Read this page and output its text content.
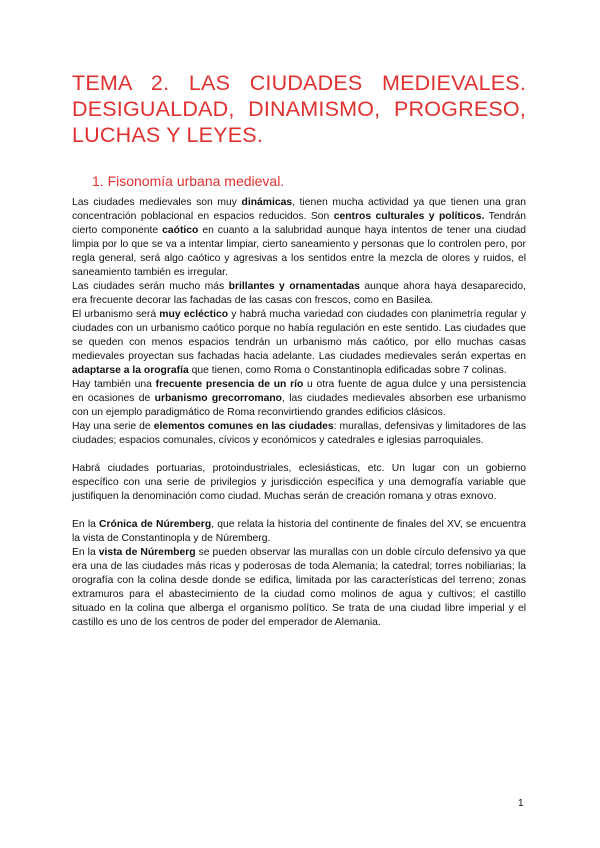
TEMA 2. LAS CIUDADES MEDIEVALES. DESIGUALDAD, DINAMISMO, PROGRESO, LUCHAS Y LEYES.
1. Fisonomía urbana medieval.

Las ciudades medievales son muy dinámicas, tienen mucha actividad ya que tienen una gran concentración poblacional en espacios reducidos. Son centros culturales y políticos. Tendrán cierto componente caótico en cuanto a la salubridad aunque haya intentos de tener una ciudad limpia por lo que se va a intentar limpiar, cierto saneamiento y personas que lo controlen pero, por regla general, será algo caótico y agresivas a los sentidos entre la mezcla de olores y ruidos, el saneamiento también es irregular.

Las ciudades serán mucho más brillantes y ornamentadas aunque ahora haya desaparecido, era frecuente decorar las fachadas de las casas con frescos, como en Basilea.

El urbanismo será muy ecléctico y habrá mucha variedad con ciudades con planimetría regular y ciudades con un urbanismo caótico porque no había regulación en este sentido. Las ciudades que se queden con menos espacios tendrán un urbanismo más caótico, por ello muchas casas medievales proyectan sus fachadas hacia adelante. Las ciudades medievales serán expertas en adaptarse a la orografía que tienen, como Roma o Constantinopla edificadas sobre 7 colinas.

Hay también una frecuente presencia de un río u otra fuente de agua dulce y una persistencia en ocasiones de urbanismo grecorromano, las ciudades medievales absorben ese urbanismo con un ejemplo paradigmático de Roma reconvirtiendo grandes edificios clásicos.

Hay una serie de elementos comunes en las ciudades: murallas, defensivas y limitadores de las ciudades; espacios comunales, cívicos y económicos y catedrales e iglesias parroquiales.

Habrá ciudades portuarias, protoindustriales, eclesiásticas, etc. Un lugar con un gobierno específico con una serie de privilegios y jurisdicción específica y una demografía variable que justifiquen la denominación como ciudad. Muchas serán de creación romana y otras exnovo.

En la Crónica de Núremberg, que relata la historia del continente de finales del XV, se encuentra la vista de Constantinopla y de Núremberg.

En la vista de Núremberg se pueden observar las murallas con un doble círculo defensivo ya que era una de las ciudades más ricas y poderosas de toda Alemania; la catedral; torres nobiliarias; la orografía con la colina desde donde se edifica, limitada por las características del terreno; zonas extramuros para el abastecimiento de la ciudad como molinos de agua y cultivos; el castillo situado en la colina que alberga el organismo político. Se trata de una ciudad libre imperial y el castillo es uno de los centros de poder del emperador de Alemania.

1
